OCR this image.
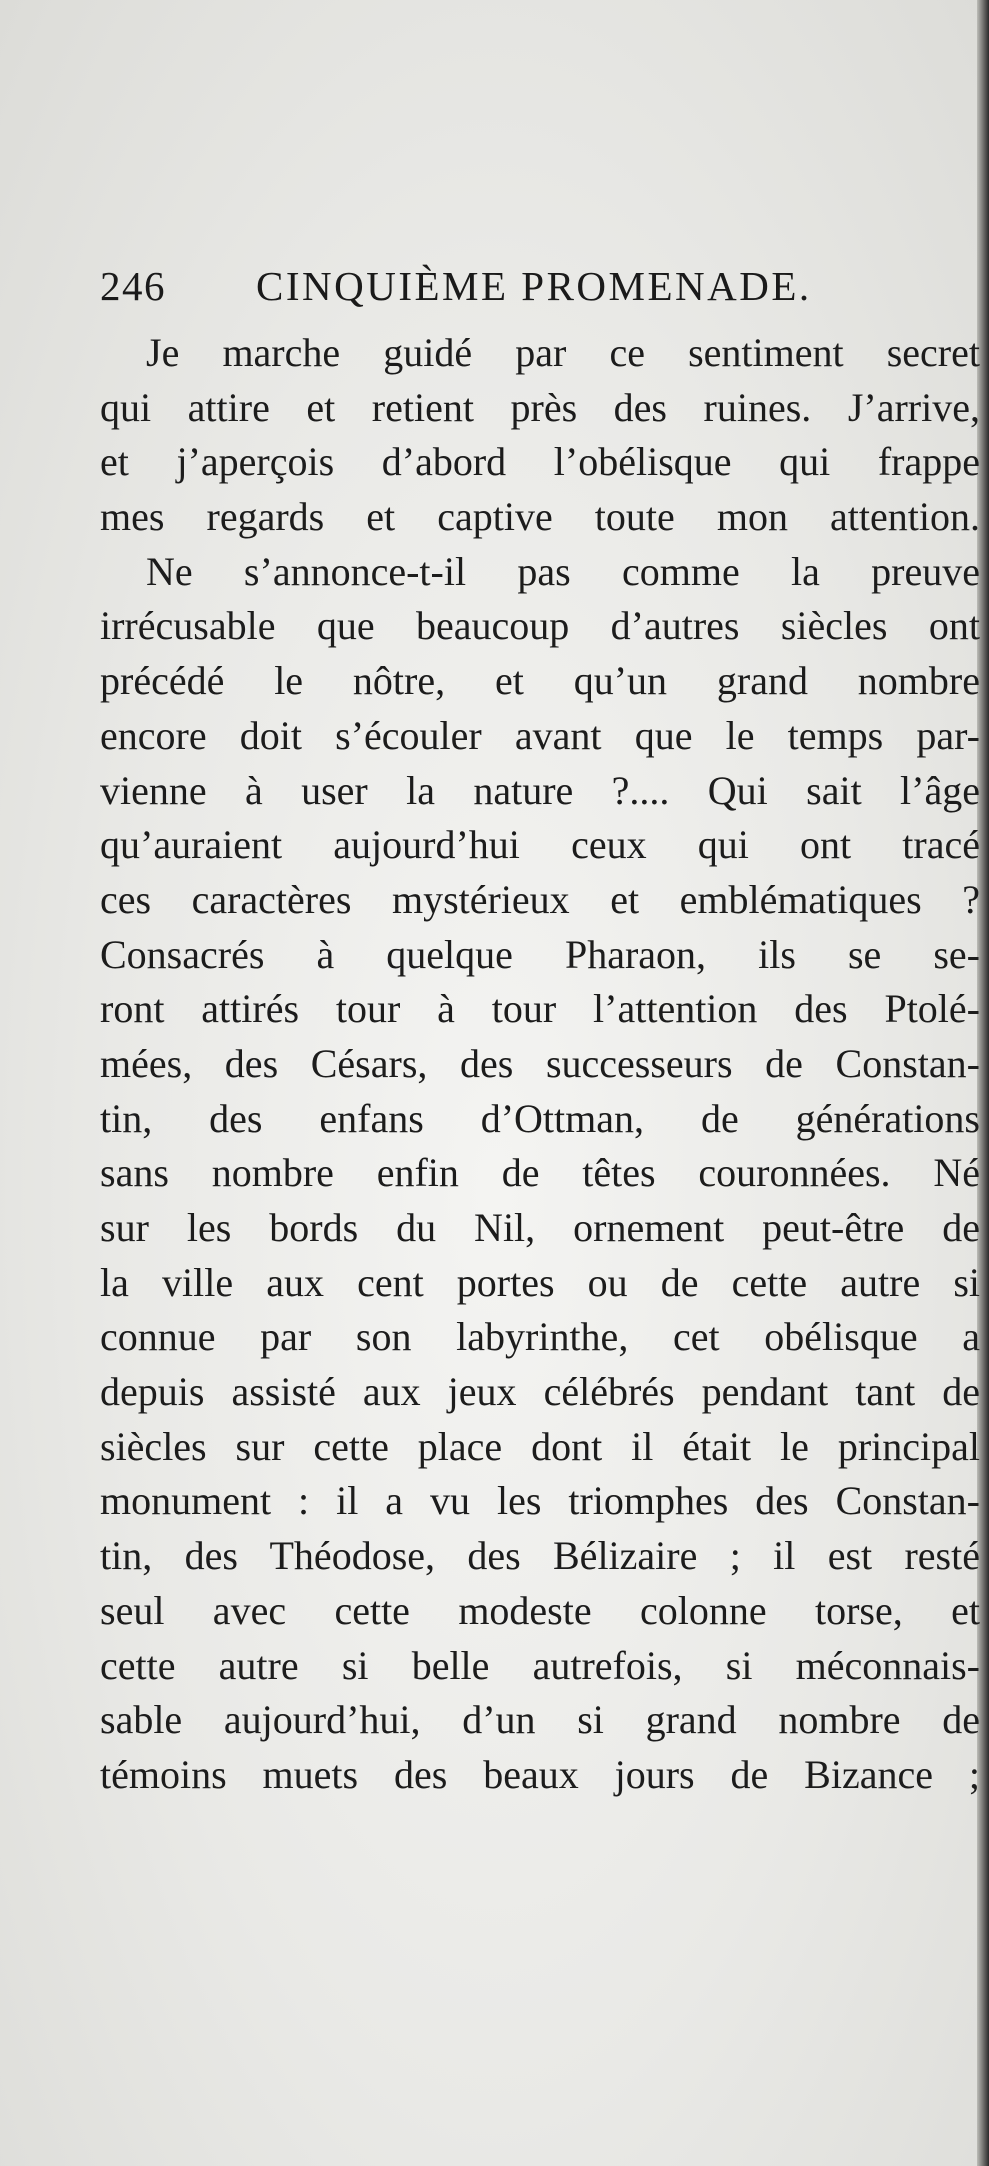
246 CINQUIÈME PROMENADE.
Je marche guidé par ce sentiment secret
qui attire et retient près des ruines. J’arrive,
et j’aperçois d’abord l’obélisque qui frappe
mes regards et captive toute mon attention.
Ne s’annonce-t-il pas comme la preuve
irrécusable que beaucoup d’autres siècles ont
précédé le nôtre, et qu’un grand nombre
encore doit s’écouler avant que le temps par-
vienne à user la nature ?.... Qui sait l’âge
qu’auraient aujourd’hui ceux qui ont tracé
ces caractères mystérieux et emblématiques ?
Consacrés à quelque Pharaon, ils se se-
ront attirés tour à tour l’attention des Ptolé-
mées, des Césars, des successeurs de Constan-
tin, des enfans d’Ottman, de générations
sans nombre enfin de têtes couronnées. Né
sur les bords du Nil, ornement peut-être de
la ville aux cent portes ou de cette autre si
connue par son labyrinthe, cet obélisque a
depuis assisté aux jeux célébrés pendant tant de
siècles sur cette place dont il était le principal
monument : il a vu les triomphes des Constan-
tin, des Théodose, des Bélizaire ; il est resté
seul avec cette modeste colonne torse, et
cette autre si belle autrefois, si méconnais-
sable aujourd’hui, d’un si grand nombre de
témoins muets des beaux jours de Bizance ;
